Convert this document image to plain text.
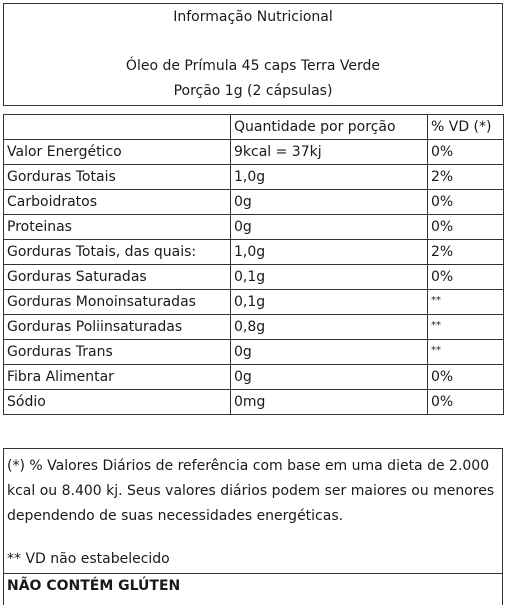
Informação Nutricional
Óleo de Prímula 45 caps Terra Verde
Porção 1g (2 cápsulas)
	Quantidade por porção	% VD (*)
Valor Energético	9kcal = 37kj	0%
Gorduras Totais	1,0g	2%
Carboidratos	0g	0%
Proteinas	0g	0%
Gorduras Totais, das quais:	1,0g	2%
Gorduras Saturadas	0,1g	0%
Gorduras Monoinsaturadas	0,1g	**
Gorduras Poliinsaturadas	0,8g	**
Gorduras Trans	0g	**
Fibra Alimentar	0g	0%
Sódio	0mg	0%
(*) % Valores Diários de referência com base em uma dieta de 2.000 kcal ou 8.400 kj. Seus valores diários podem ser maiores ou menores dependendo de suas necessidades energéticas.
** VD não estabelecido
NÃO CONTÉM GLÚTEN
